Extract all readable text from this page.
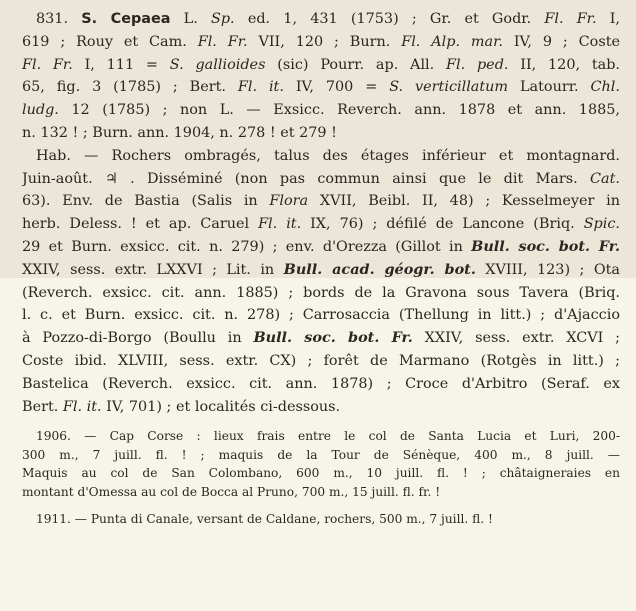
831. S. Cepaea L. Sp. ed. 1, 431 (1753) ; Gr. et Godr. Fl. Fr. I,
619 ; Rouy et Cam. Fl. Fr. VII, 120 ; Burn. Fl. Alp. mar. IV, 9 ; Coste
Fl. Fr. I, 111 = S. gallioides (sic) Pourr. ap. All. Fl. ped. II, 120, tab.
65, fig. 3 (1785) ; Bert. Fl. it. IV, 700 = S. verticillatum Latourr. Chl.
ludg. 12 (1785) ; non L. — Exsicc. Reverch. ann. 1878 et ann. 1885,
n. 132 ! ; Burn. ann. 1904, n. 278 ! et 279 !
Hab. — Rochers ombragés, talus des étages inférieur et montagnard.
Juin-août. ♃ . Disséminé (non pas commun ainsi que le dit Mars. Cat.
63). Env. de Bastia (Salis in Flora XVII, Beibl. II, 48) ; Kesselmeyer in
herb. Deless. ! et ap. Caruel Fl. it. IX, 76) ; défilé de Lancone (Briq. Spic.
29 et Burn. exsicc. cit. n. 279) ; env. d'Orezza (Gillot in Bull. soc. bot. Fr.
XXIV, sess. extr. LXXVI ; Lit. in Bull. acad. géogr. bot. XVIII, 123) ; Ota
(Reverch. exsicc. cit. ann. 1885) ; bords de la Gravona sous Tavera (Briq.
l. c. et Burn. exsicc. cit. n. 278) ; Carrosaccia (Thellung in litt.) ; d'Ajaccio
à Pozzo-di-Borgo (Boullu in Bull. soc. bot. Fr. XXIV, sess. extr. XCVI ;
Coste ibid. XLVIII, sess. extr. CX) ; forêt de Marmano (Rotgès in litt.) ;
Bastelica (Reverch. exsicc. cit. ann. 1878) ; Croce d'Arbitro (Seraf. ex
Bert. Fl. it. IV, 701) ; et localités ci-dessous.
1906. — Cap Corse : lieux frais entre le col de Santa Lucia et Luri, 200-
300 m., 7 juill. fl. ! ; maquis de la Tour de Sénèque, 400 m., 8 juill. —
Maquis au col de San Colombano, 600 m., 10 juill. fl. ! ; châtaigneraies en
montant d'Omessa au col de Bocca al Pruno, 700 m., 15 juill. fl. fr. !
1911. — Punta di Canale, versant de Caldane, rochers, 500 m., 7 juill. fl. !
